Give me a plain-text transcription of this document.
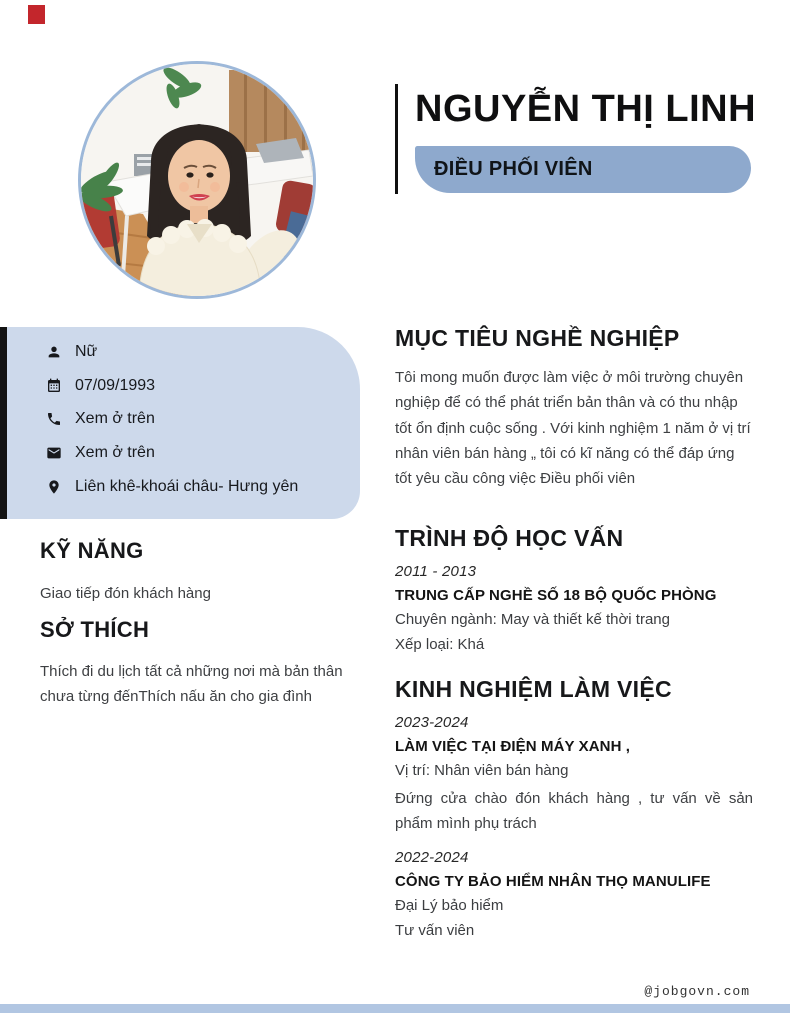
NGUYỄN THỊ LINH
ĐIỀU PHỐI VIÊN
Nữ
07/09/1993
Xem ở trên
Xem ở trên
Liên khê-khoái châu- Hưng yên
KỸ NĂNG

Giao tiếp đón khách hàng

SỞ THÍCH

Thích đi du lịch tất cả những nơi mà bản thân chưa từng đếnThích nấu ăn cho gia đình

MỤC TIÊU NGHỀ NGHIỆP

Tôi mong muốn được làm việc ở môi trường chuyên nghiệp để có thể phát triển bản thân và có thu nhập tốt ổn định cuộc sống . Với kinh nghiệm 1 năm ở vị trí nhân viên bán hàng „ tôi có kĩ năng có thể đáp ứng tốt yêu cầu công việc Điều phối viên

TRÌNH ĐỘ HỌC VẤN

2011 - 2013

TRUNG CẤP NGHỀ SỐ 18 BỘ QUỐC PHÒNG

Chuyên ngành: May và thiết kế thời trang

Xếp loại: Khá

KINH NGHIỆM LÀM VIỆC

2023-2024

LÀM VIỆC TẠI ĐIỆN MÁY XANH ,

Vị trí: Nhân viên bán hàng

Đứng cửa chào đón khách hàng , tư vấn về sản phẩm mình phụ trách

2022-2024

CÔNG TY BẢO HIỂM NHÂN THỌ MANULIFE

Đại Lý bảo hiểm

Tư vấn viên

@jobgovn.com
